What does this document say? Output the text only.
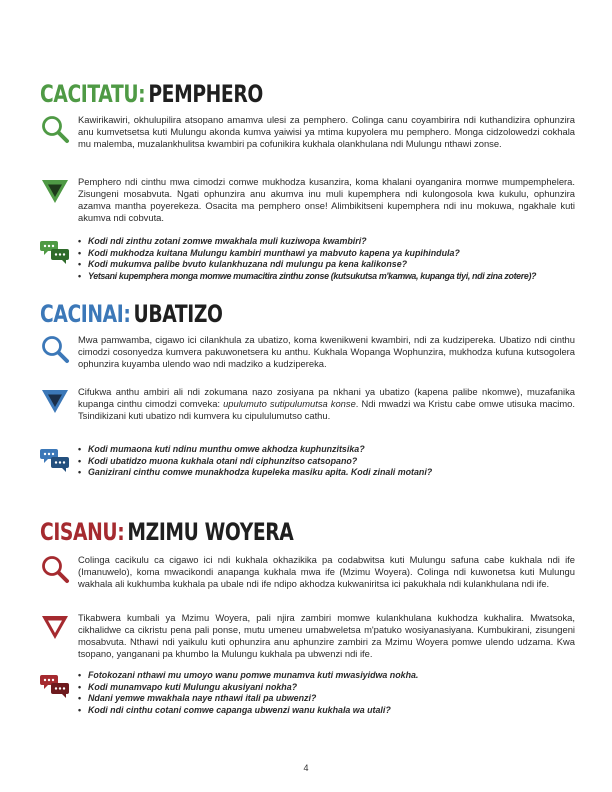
CACITATU: PEMPHERO

Kawirikawiri, okhulupilira atsopano amamva ulesi za pemphero. Colinga canu coyambirira ndi kuthandizira ophunzira anu kumvetsetsa kuti Mulungu akonda kumva yaiwisi ya mtima kupyolera mu pemphero. Monga cidzolowedzi cokhala mu malemba, muzalankhulitsa kwambiri pa cofunikira kukhala olankhulana ndi Mulungu nthawi zonse.

Pemphero ndi cinthu mwa cimodzi comwe mukhodza kusanzira, koma khalani oyanganira momwe mumpemphelera. Zisungeni mosabvuta. Ngati ophunzira anu akumva inu muli kupemphera ndi kulongosola kwa kukulu, ophunzira azamva mantha poyerekeza. Osacita ma pemphero onse! Alimbikitseni kupemphera ndi inu mokuwa, ngakhale kuti akumva ndi cobvuta.

• Kodi ndi zinthu zotani zomwe mwakhala muli kuziwopa kwambiri?
• Kodi mukhodza kuitana Mulungu kambiri munthawi ya mabvuto kapena ya kupihindula?
• Kodi mukumva palibe bvuto kulankhuzana ndi mulungu pa kena kalikonse?
• Yetsani kupemphera monga momwe mumacitira zinthu zonse (kutsukutsa m'kamwa, kupanga tiyi, ndi zina zotere)?
CACINAI: UBATIZO

Mwa pamwamba, cigawo ici cilankhula za ubatizo, koma kwenikweni kwambiri, ndi za kudzipereka. Ubatizo ndi cinthu cimodzi cosonyedza kumvera pakuwonetsera ku anthu. Kukhala Wopanga Wophunzira, mukhodza kufuna kutsogolera ophunzira kuyamba ulendo wao ndi madziko a kudzipereka.

Cifukwa anthu ambiri ali ndi zokumana nazo zosiyana pa nkhani ya ubatizo (kapena palibe nkomwe), muzafanika kupanga cinthu cimodzi comveka: upulumuto sutipulumutsa konse. Ndi mwadzi wa Kristu cabe omwe utisuka macimo. Tsindikizani kuti ubatizo ndi kumvera ku cipululumutso cathu.

• Kodi mumaona kuti ndinu munthu omwe akhodza kuphunzitsika?
• Kodi ubatidzo muona kukhala otani ndi ciphunzitso catsopano?
• Ganizirani cinthu comwe munakhodza kupeleka masiku apita. Kodi zinali motani?
CISANU: MZIMU WOYERA

Colinga cacikulu ca cigawo ici ndi kukhala okhazikika pa codabwitsa kuti Mulungu safuna cabe kukhala ndi ife (Imanuwelo), koma mwacikondi anapanga kukhala mwa ife (Mzimu Woyera). Colinga ndi kuwonetsa kuti Mulungu wakhala ali kukhumba kukhala pa ubale ndi ife ndipo akhodza kukwaniritsa ici pakukhala ndi kulankhulana ndi ife.

Tikabwera kumbali ya Mzimu Woyera, pali njira zambiri momwe kulankhulana kukhodza kukhalira. Mwatsoka, cikhalidwe ca cikristu pena pali ponse, mutu umeneu umabweletsa m'patuko wosiyanasiyana. Kumbukirani, zisungeni mosabvuta. Nthawi ndi yaikulu kuti ophunzira anu aphunzire zambiri za Mzimu Woyera pomwe ulendo udzama. Kwa tsopano, yanganani pa khumbo la Mulungu kukhala pa ubwenzi ndi ife.

• Fotokozani nthawi mu umoyo wanu pomwe munamva kuti mwasiyidwa nokha.
• Kodi munamvapo kuti Mulungu akusiyani nokha?
• Ndani yemwe mwakhala naye nthawi itali pa ubwenzi?
• Kodi ndi cinthu cotani comwe capanga ubwenzi wanu kukhala wa utali?
4
